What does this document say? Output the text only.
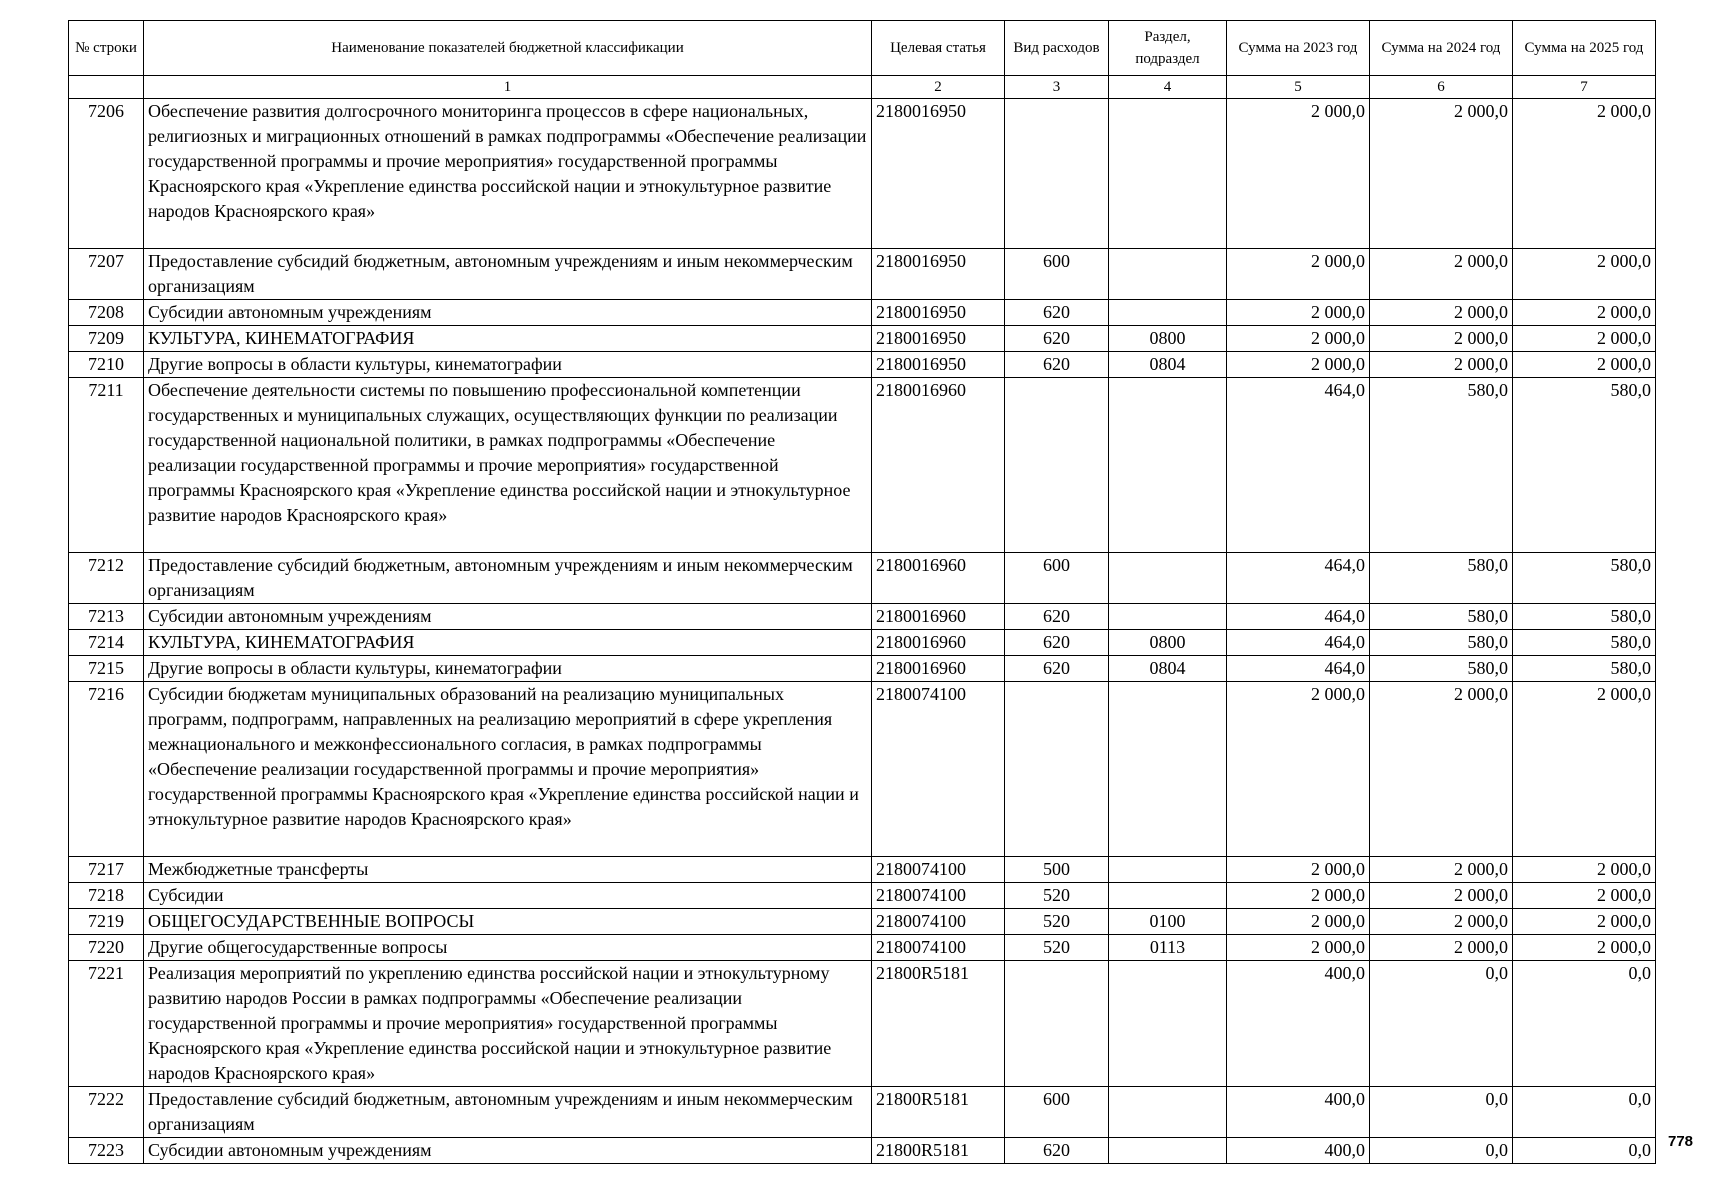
№ строки	Наименование показателей бюджетной классификации	Целевая статья	Вид расходов	Раздел, подраздел	Сумма на 2023 год	Сумма на 2024 год	Сумма на 2025 год
	1	2	3	4	5	6	7
7206	Обеспечение развития долгосрочного мониторинга процессов в сфере национальных, религиозных и миграционных отношений в рамках подпрограммы «Обеспечение реализации государственной программы и прочие мероприятия» государственной программы Красноярского края «Укрепление единства российской нации и этнокультурное развитие народов Красноярского края»	2180016950			2 000,0	2 000,0	2 000,0
7207	Предоставление субсидий бюджетным, автономным учреждениям и иным некоммерческим организациям	2180016950	600		2 000,0	2 000,0	2 000,0
7208	Субсидии автономным учреждениям	2180016950	620		2 000,0	2 000,0	2 000,0
7209	КУЛЬТУРА, КИНЕМАТОГРАФИЯ	2180016950	620	0800	2 000,0	2 000,0	2 000,0
7210	Другие вопросы в области культуры, кинематографии	2180016950	620	0804	2 000,0	2 000,0	2 000,0
7211	Обеспечение деятельности системы по повышению профессиональной компетенции государственных и муниципальных служащих, осуществляющих функции по реализации государственной национальной политики, в рамках подпрограммы «Обеспечение реализации государственной программы и прочие мероприятия» государственной программы Красноярского края «Укрепление единства российской нации и этнокультурное развитие народов Красноярского края»	2180016960			464,0	580,0	580,0
7212	Предоставление субсидий бюджетным, автономным учреждениям и иным некоммерческим организациям	2180016960	600		464,0	580,0	580,0
7213	Субсидии автономным учреждениям	2180016960	620		464,0	580,0	580,0
7214	КУЛЬТУРА, КИНЕМАТОГРАФИЯ	2180016960	620	0800	464,0	580,0	580,0
7215	Другие вопросы в области культуры, кинематографии	2180016960	620	0804	464,0	580,0	580,0
7216	Субсидии бюджетам муниципальных образований на реализацию муниципальных программ, подпрограмм, направленных на реализацию мероприятий в сфере укрепления межнационального и межконфессионального согласия, в рамках подпрограммы «Обеспечение реализации государственной программы и прочие мероприятия» государственной программы Красноярского края «Укрепление единства российской нации и этнокультурное развитие народов Красноярского края»	2180074100			2 000,0	2 000,0	2 000,0
7217	Межбюджетные трансферты	2180074100	500		2 000,0	2 000,0	2 000,0
7218	Субсидии	2180074100	520		2 000,0	2 000,0	2 000,0
7219	ОБЩЕГОСУДАРСТВЕННЫЕ ВОПРОСЫ	2180074100	520	0100	2 000,0	2 000,0	2 000,0
7220	Другие общегосударственные вопросы	2180074100	520	0113	2 000,0	2 000,0	2 000,0
7221	Реализация мероприятий по укреплению единства российской нации и этнокультурному развитию народов России в рамках подпрограммы «Обеспечение реализации государственной программы и прочие мероприятия» государственной программы Красноярского края «Укрепление единства российской нации и этнокультурное развитие народов Красноярского края»	21800R5181			400,0	0,0	0,0
7222	Предоставление субсидий бюджетным, автономным учреждениям и иным некоммерческим организациям	21800R5181	600		400,0	0,0	0,0
7223	Субсидии автономным учреждениям	21800R5181	620		400,0	0,0	0,0 778
